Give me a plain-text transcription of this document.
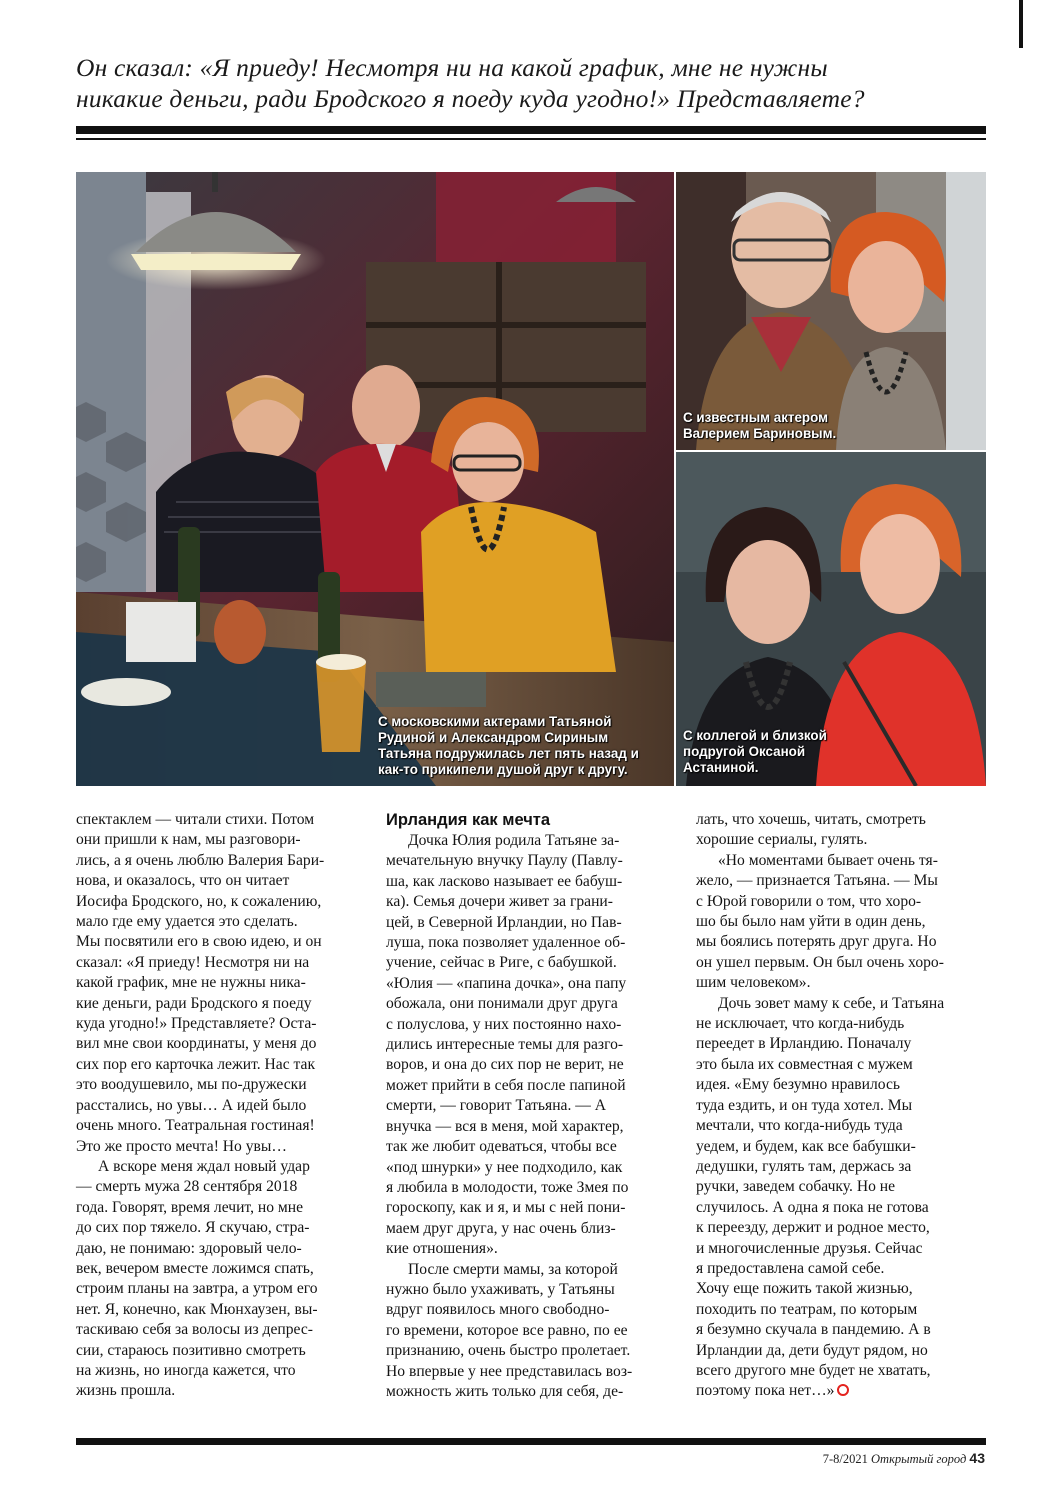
Он сказал: «Я приеду! Несмотря ни на какой график, мне не нужны
никакие деньги, ради Бродского я поеду куда угодно!» Представляете?
С московскими актерами Татьяной
Рудиной и Александром Сириным
Татьяна подружилась лет пять назад и
как-то прикипели душой друг к другу.
С известным актером
Валерием Бариновым.
С коллегой и близкой
подругой Оксаной
Астаниной.

спектаклем — читали стихи. Потом

они пришли к нам, мы разговори-

лись, а я очень люблю Валерия Бари-

нова, и оказалось, что он читает

Иосифа Бродского, но, к сожалению,

мало где ему удается это сделать.

Мы посвятили его в свою идею, и он

сказал: «Я приеду! Несмотря ни на

какой график, мне не нужны ника-

кие деньги, ради Бродского я поеду

куда угодно!» Представляете? Оста-

вил мне свои координаты, у меня до

сих пор его карточка лежит. Нас так

это воодушевило, мы по-дружески

расстались, но увы… А идей было

очень много. Театральная гостиная!

Это же просто мечта! Но увы…

А вскоре меня ждал новый удар

— смерть мужа 28 сентября 2018

года. Говорят, время лечит, но мне

до сих пор тяжело. Я скучаю, стра-

даю, не понимаю: здоровый чело-

век, вечером вместе ложимся спать,

строим планы на завтра, а утром его

нет. Я, конечно, как Мюнхаузен, вы-

таскиваю себя за волосы из депрес-

сии, стараюсь позитивно смотреть

на жизнь, но иногда кажется, что

жизнь прошла.

Ирландия как мечта

Дочка Юлия родила Татьяне за-

мечательную внучку Паулу (Павлу-

ша, как ласково называет ее бабуш-

ка). Семья дочери живет за грани-

цей, в Северной Ирландии, но Пав-

луша, пока позволяет удаленное об-

учение, сейчас в Риге, с бабушкой.

«Юлия — «папина дочка», она папу

обожала, они понимали друг друга

с полуслова, у них постоянно нахо-

дились интересные темы для разго-

воров, и она до сих пор не верит, не

может прийти в себя после папиной

смерти, — говорит Татьяна. — А

внучка — вся в меня, мой характер,

так же любит одеваться, чтобы все

«под шнурки» у нее подходило, как

я любила в молодости, тоже Змея по

гороскопу, как и я, и мы с ней пони-

маем друг друга, у нас очень близ-

кие отношения».

После смерти мамы, за которой

нужно было ухаживать, у Татьяны

вдруг появилось много свободно-

го времени, которое все равно, по ее

признанию, очень быстро пролетает.

Но впервые у нее представилась воз-

можность жить только для себя, де-

лать, что хочешь, читать, смотреть

хорошие сериалы, гулять.

«Но моментами бывает очень тя-

жело, — признается Татьяна. — Мы

с Юрой говорили о том, что хоро-

шо бы было нам уйти в один день,

мы боялись потерять друг друга. Но

он ушел первым. Он был очень хоро-

шим человеком».

Дочь зовет маму к себе, и Татьяна

не исключает, что когда-нибудь

переедет в Ирландию. Поначалу

это была их совместная с мужем

идея. «Ему безумно нравилось

туда ездить, и он туда хотел. Мы

мечтали, что когда-нибудь туда

уедем, и будем, как все бабушки-

дедушки, гулять там, держась за

ручки, заведем собачку. Но не

случилось. А одна я пока не готова

к переезду, держит и родное место,

и многочисленные друзья. Сейчас

я предоставлена самой себе.

Хочу еще пожить такой жизнью,

походить по театрам, по которым

я безумно скучала в пандемию. А в

Ирландии да, дети будут рядом, но

всего другого мне будет не хватать,

поэтому пока нет…»

7-8/2021 Открытый город 43
